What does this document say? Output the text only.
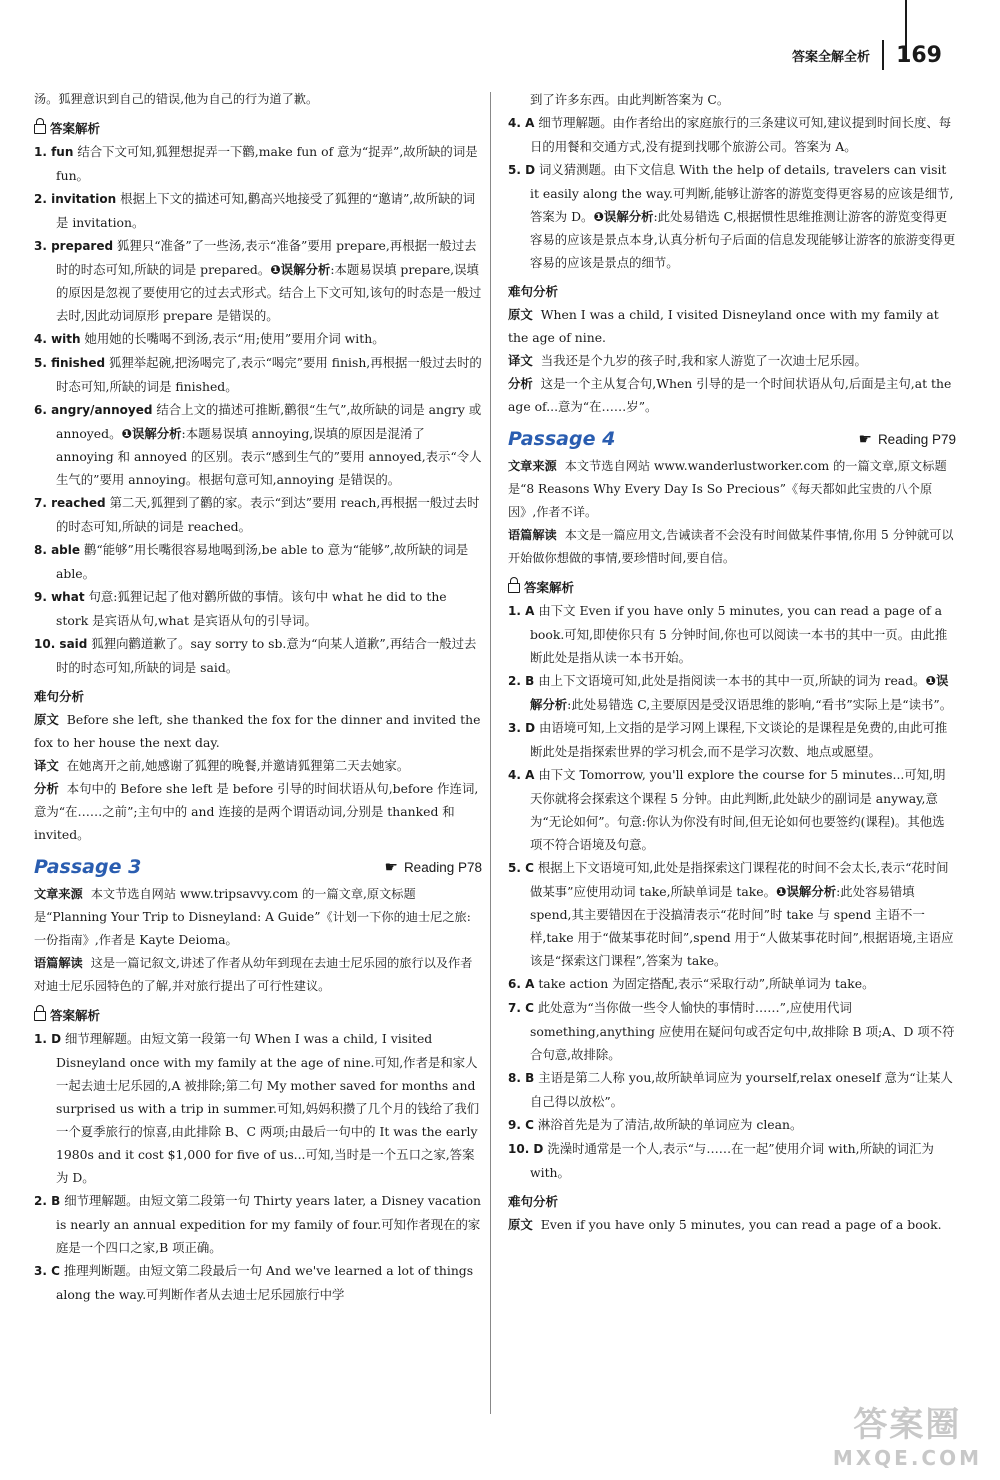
答案全解全析 169

汤。狐狸意识到自己的错误,他为自己的行为道了歉。

答案解析

1. fun 结合下文可知,狐狸想捉弄一下鹳,make fun of 意为“捉弄”,故所缺的词是 fun。

2. invitation 根据上下文的描述可知,鹳高兴地接受了狐狸的“邀请”,故所缺的词是 invitation。

3. prepared 狐狸只“准备”了一些汤,表示“准备”要用 prepare,再根据一般过去时的时态可知,所缺的词是 prepared。❶误解分析:本题易误填 prepare,误填的原因是忽视了要使用它的过去式形式。结合上下文可知,该句的时态是一般过去时,因此动词原形 prepare 是错误的。

4. with 她用她的长嘴喝不到汤,表示“用;使用”要用介词 with。

5. finished 狐狸举起碗,把汤喝完了,表示“喝完”要用 finish,再根据一般过去时的时态可知,所缺的词是 finished。

6. angry/annoyed 结合上文的描述可推断,鹳很“生气”,故所缺的词是 angry 或 annoyed。❶误解分析:本题易误填 annoying,误填的原因是混淆了 annoying 和 annoyed 的区别。表示“感到生气的”要用 annoyed,表示“令人生气的”要用 annoying。根据句意可知,annoying 是错误的。

7. reached 第二天,狐狸到了鹳的家。表示“到达”要用 reach,再根据一般过去时的时态可知,所缺的词是 reached。

8. able 鹳“能够”用长嘴很容易地喝到汤,be able to 意为“能够”,故所缺的词是 able。

9. what 句意:狐狸记起了他对鹳所做的事情。该句中 what he did to the stork 是宾语从句,what 是宾语从句的引导词。

10. said 狐狸向鹳道歉了。say sorry to sb.意为“向某人道歉”,再结合一般过去时的时态可知,所缺的词是 said。

难句分析

原文 Before she left, she thanked the fox for the dinner and invited the fox to her house the next day.

译文 在她离开之前,她感谢了狐狸的晚餐,并邀请狐狸第二天去她家。

分析 本句中的 Before she left 是 before 引导的时间状语从句,before 作连词,意为“在……之前”;主句中的 and 连接的是两个谓语动词,分别是 thanked 和 invited。

Passage 3	☛ Reading P78

文章来源 本文节选自网站 www.tripsavvy.com 的一篇文章,原文标题是“Planning Your Trip to Disneyland: A Guide”《计划一下你的迪士尼之旅:一份指南》,作者是 Kayte Deioma。

语篇解读 这是一篇记叙文,讲述了作者从幼年到现在去迪士尼乐园的旅行以及作者对迪士尼乐园特色的了解,并对旅行提出了可行性建议。

答案解析

1. D 细节理解题。由短文第一段第一句 When I was a child, I visited Disneyland once with my family at the age of nine.可知,作者是和家人一起去迪士尼乐园的,A 被排除;第二句 My mother saved for months and surprised us with a trip in summer.可知,妈妈积攒了几个月的钱给了我们一个夏季旅行的惊喜,由此排除 B、C 两项;由最后一句中的 It was the early 1980s and it cost $1,000 for five of us...可知,当时是一个五口之家,答案为 D。

2. B 细节理解题。由短文第二段第一句 Thirty years later, a Disney vacation is nearly an annual expedition for my family of four.可知作者现在的家庭是一个四口之家,B 项正确。

3. C 推理判断题。由短文第二段最后一句 And we've learned a lot of things along the way.可判断作者从去迪士尼乐园旅行中学

到了许多东西。由此判断答案为 C。

4. A 细节理解题。由作者给出的家庭旅行的三条建议可知,建议提到时间长度、每日的用餐和交通方式,没有提到找哪个旅游公司。答案为 A。

5. D 词义猜测题。由下文信息 With the help of details, travelers can visit it easily along the way.可判断,能够让游客的游览变得更容易的应该是细节,答案为 D。❶误解分析:此处易错选 C,根据惯性思维推测让游客的游览变得更容易的应该是景点本身,认真分析句子后面的信息发现能够让游客的旅游变得更容易的应该是景点的细节。

难句分析

原文 When I was a child, I visited Disneyland once with my family at the age of nine.

译文 当我还是个九岁的孩子时,我和家人游览了一次迪士尼乐园。

分析 这是一个主从复合句,When 引导的是一个时间状语从句,后面是主句,at the age of...意为“在……岁”。

Passage 4	☛ Reading P79

文章来源 本文节选自网站 www.wanderlustworker.com 的一篇文章,原文标题是“8 Reasons Why Every Day Is So Precious”《每天都如此宝贵的八个原因》,作者不详。

语篇解读 本文是一篇应用文,告诫读者不会没有时间做某件事情,你用 5 分钟就可以开始做你想做的事情,要珍惜时间,要自信。

答案解析

1. A 由下文 Even if you have only 5 minutes, you can read a page of a book.可知,即使你只有 5 分钟时间,你也可以阅读一本书的其中一页。由此推断此处是指从读一本书开始。

2. B 由上下文语境可知,此处是指阅读一本书的其中一页,所缺的词为 read。❶误解分析:此处易错选 C,主要原因是受汉语思维的影响,“看书”实际上是“读书”。

3. D 由语境可知,上文指的是学习网上课程,下文谈论的是课程是免费的,由此可推断此处是指探索世界的学习机会,而不是学习次数、地点或愿望。

4. A 由下文 Tomorrow, you'll explore the course for 5 minutes...可知,明天你就将会探索这个课程 5 分钟。由此判断,此处缺少的副词是 anyway,意为“无论如何”。句意:你认为你没有时间,但无论如何也要签约(课程)。其他选项不符合语境及句意。

5. C 根据上下文语境可知,此处是指探索这门课程花的时间不会太长,表示“花时间做某事”应使用动词 take,所缺单词是 take。❶误解分析:此处容易错填 spend,其主要错因在于没搞清表示“花时间”时 take 与 spend 主语不一样,take 用于“做某事花时间”,spend 用于“人做某事花时间”,根据语境,主语应该是“探索这门课程”,答案为 take。

6. A take action 为固定搭配,表示“采取行动”,所缺单词为 take。

7. C 此处意为“当你做一些令人愉快的事情时……”,应使用代词 something,anything 应使用在疑问句或否定句中,故排除 B 项;A、D 项不符合句意,故排除。

8. B 主语是第二人称 you,故所缺单词应为 yourself,relax oneself 意为“让某人自己得以放松”。

9. C 淋浴首先是为了清洁,故所缺的单词应为 clean。

10. D 洗澡时通常是一个人,表示“与……在一起”使用介词 with,所缺的词汇为 with。

难句分析

原文 Even if you have only 5 minutes, you can read a page of a book.

答案圈
MXQE.COM
